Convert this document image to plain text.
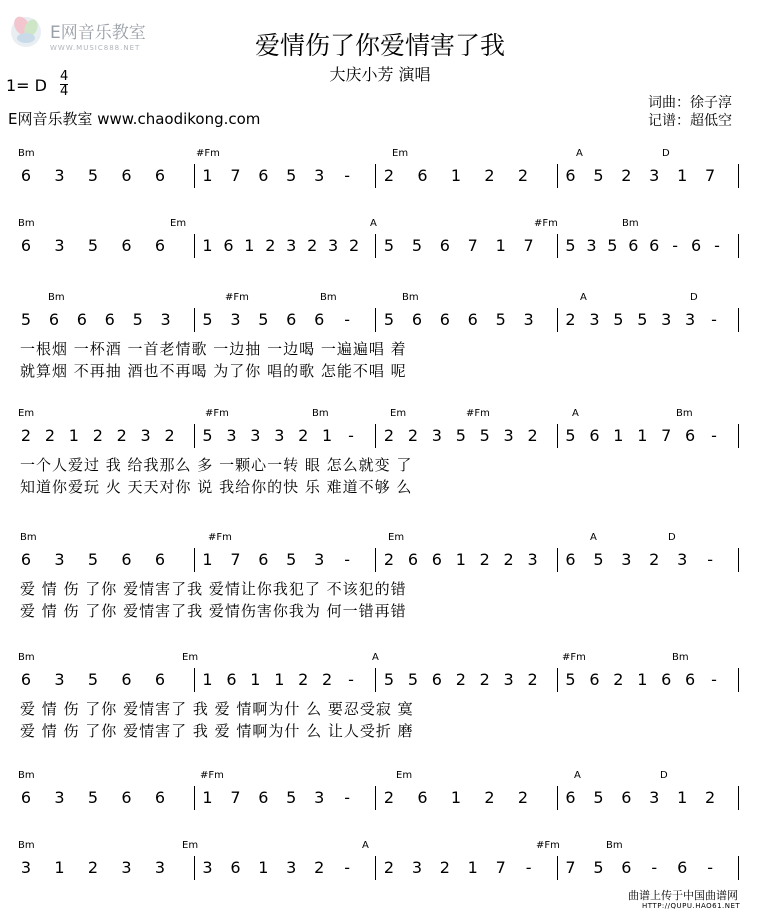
E网音乐教室
WWW.MUSIC888.NET	爱情伤了你爱情害了我
大庆小芳 演唱
1= D 4
4
E网音乐教室 www.chaodikong.com
词曲：徐子淳
记谱：超低空
Bm	#Fm	Em	A	D
6 3 5 6 6 1 7 6 5 3 - 2 6 1 2 2 6 5 2 3 1 7
Bm	Em	A	#Fm	Bm
6 3 5 6 6 1 6 1 2 3 2 3 2 5 5 6 7 1 7 5 3 5 6 6 - 6 -
Bm	#Fm	Bm	Bm	A	D
5 6 6 6 5 3 5 3 5 6 6 - 5 6 6 6 5 3 2 3 5 5 3 3 -
一根烟 一杯酒 一首老情歌 一边抽 一边喝 一遍遍唱 着
就算烟 不再抽 酒也不再喝 为了你 唱的歌 怎能不唱 呢
Em	#Fm	Bm	Em	#Fm	A	Bm
2 2 1 2 2 3 2 5 3 3 3 2 1 - 2 2 3 5 5 3 2 5 6 1 1 7 6 -
一个人爱过 我 给我那么 多 一颗心一转 眼 怎么就变 了
知道你爱玩 火 天天对你 说 我给你的快 乐 难道不够 么
Bm	#Fm	Em	A	D
6 3 5 6 6 1 7 6 5 3 - 2 6 6 1 2 2 3 6 5 3 2 3 -
爱 情 伤 了你 爱情害了我 爱情让你我犯了 不该犯的错
爱 情 伤 了你 爱情害了我 爱情伤害你我为 何一错再错
Bm	Em	A	#Fm	Bm
6 3 5 6 6 1 6 1 1 2 2 - 5 5 6 2 2 3 2 5 6 2 1 6 6 -
爱 情 伤 了你 爱情害了 我 爱 情啊为什 么 要忍受寂 寞
爱 情 伤 了你 爱情害了 我 爱 情啊为什 么 让人受折 磨
Bm	#Fm	Em	A	D
6 3 5 6 6 1 7 6 5 3 - 2 6 1 2 2 6 5 6 3 1 2
Bm	Em	A	#Fm	Bm
3 1 2 3 3 3 6 1 3 2 - 2 3 2 1 7 - 7 5 6 - 6 -
曲谱上传于中国曲谱网
HTTP://QUPU.HAO61.NET
